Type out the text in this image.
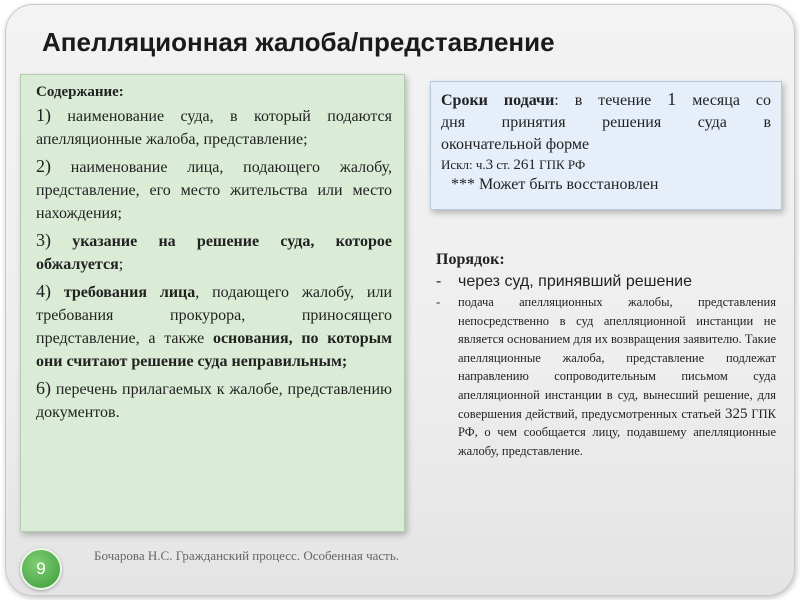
Апелляционная жалоба/представление

Содержание:

1) наименование суда, в который подаются апелляционные жалоба, представление;

2) наименование лица, подающего жалобу, представление, его место жительства или место нахождения;

3) указание на решение суда, которое обжалуется;

4) требования лица, подающего жалобу, или требования прокурора, приносящего представление, а также основания, по которым они считают решение суда неправильным;

6) перечень прилагаемых к жалобе, представлению документов.

Сроки подачи: в течение 1 месяца со

дня принятия решения суда в

окончательной форме

Искл: ч.3 ст. 261 ГПК РФ

*** Может быть восстановлен

Порядок:

-	через суд, принявший решение

-	подача апелляционных жалобы, представления непосредственно в суд апелляционной инстанции не является основанием для их возвращения заявителю. Такие апелляционные жалоба, представление подлежат направлению сопроводительным письмом суда апелляционной инстанции в суд, вынесший решение, для совершения действий, предусмотренных статьей 325 ГПК РФ, о чем сообщается лицу, подавшему апелляционные жалобу, представление.

9
Бочарова Н.С. Гражданский процесс. Особенная часть.
